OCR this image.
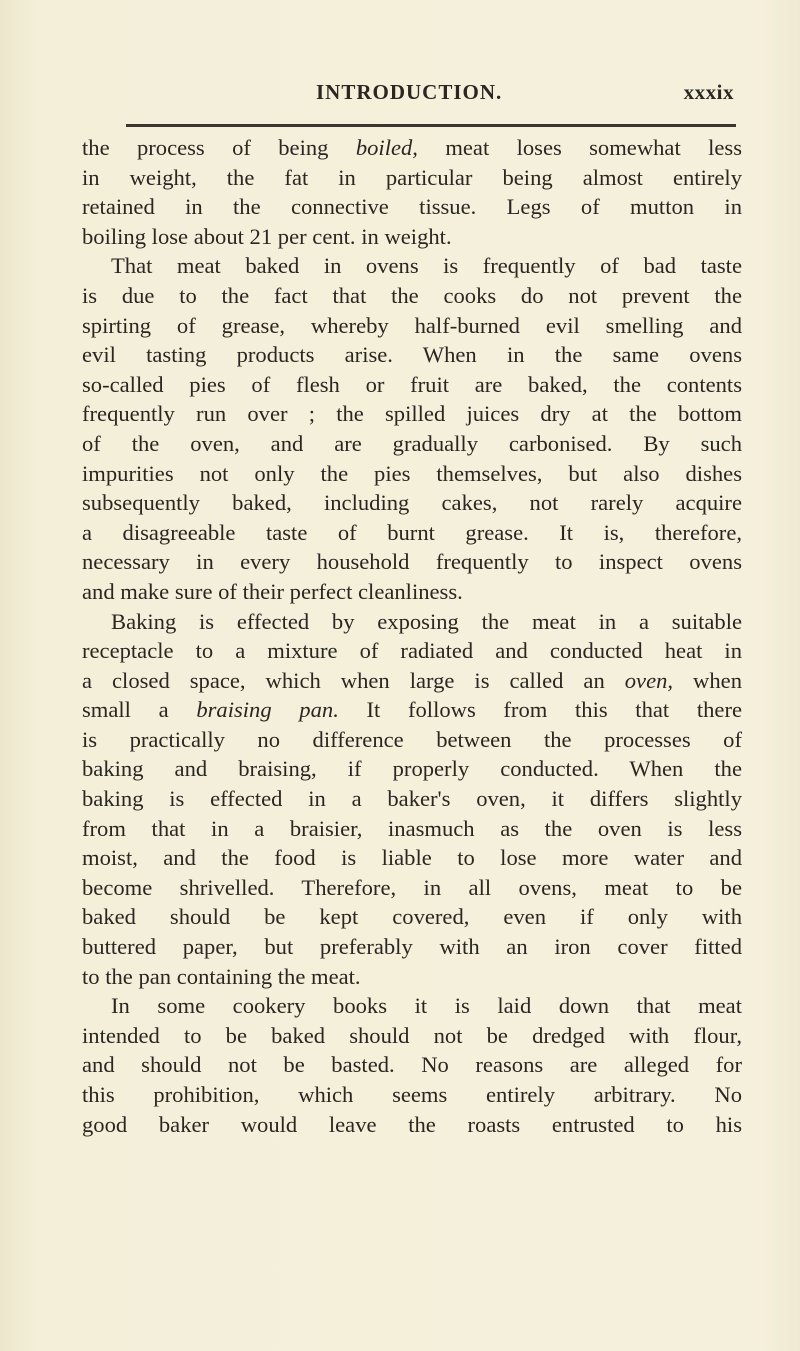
INTRODUCTION.	xxxix
the process of being boiled, meat loses somewhat less
in weight, the fat in particular being almost entirely
retained in the connective tissue. Legs of mutton in
boiling lose about 21 per cent. in weight.
That meat baked in ovens is frequently of bad taste
is due to the fact that the cooks do not prevent the
spirting of grease, whereby half-burned evil smelling and
evil tasting products arise. When in the same ovens
so-called pies of flesh or fruit are baked, the contents
frequently run over ; the spilled juices dry at the bottom
of the oven, and are gradually carbonised. By such
impurities not only the pies themselves, but also dishes
subsequently baked, including cakes, not rarely acquire
a disagreeable taste of burnt grease. It is, therefore,
necessary in every household frequently to inspect ovens
and make sure of their perfect cleanliness.
Baking is effected by exposing the meat in a suitable
receptacle to a mixture of radiated and conducted heat in
a closed space, which when large is called an oven, when
small a braising pan. It follows from this that there
is practically no difference between the processes of
baking and braising, if properly conducted. When the
baking is effected in a baker's oven, it differs slightly
from that in a braisier, inasmuch as the oven is less
moist, and the food is liable to lose more water and
become shrivelled. Therefore, in all ovens, meat to be
baked should be kept covered, even if only with
buttered paper, but preferably with an iron cover fitted
to the pan containing the meat.
In some cookery books it is laid down that meat
intended to be baked should not be dredged with flour,
and should not be basted. No reasons are alleged for
this prohibition, which seems entirely arbitrary. No
good baker would leave the roasts entrusted to his
